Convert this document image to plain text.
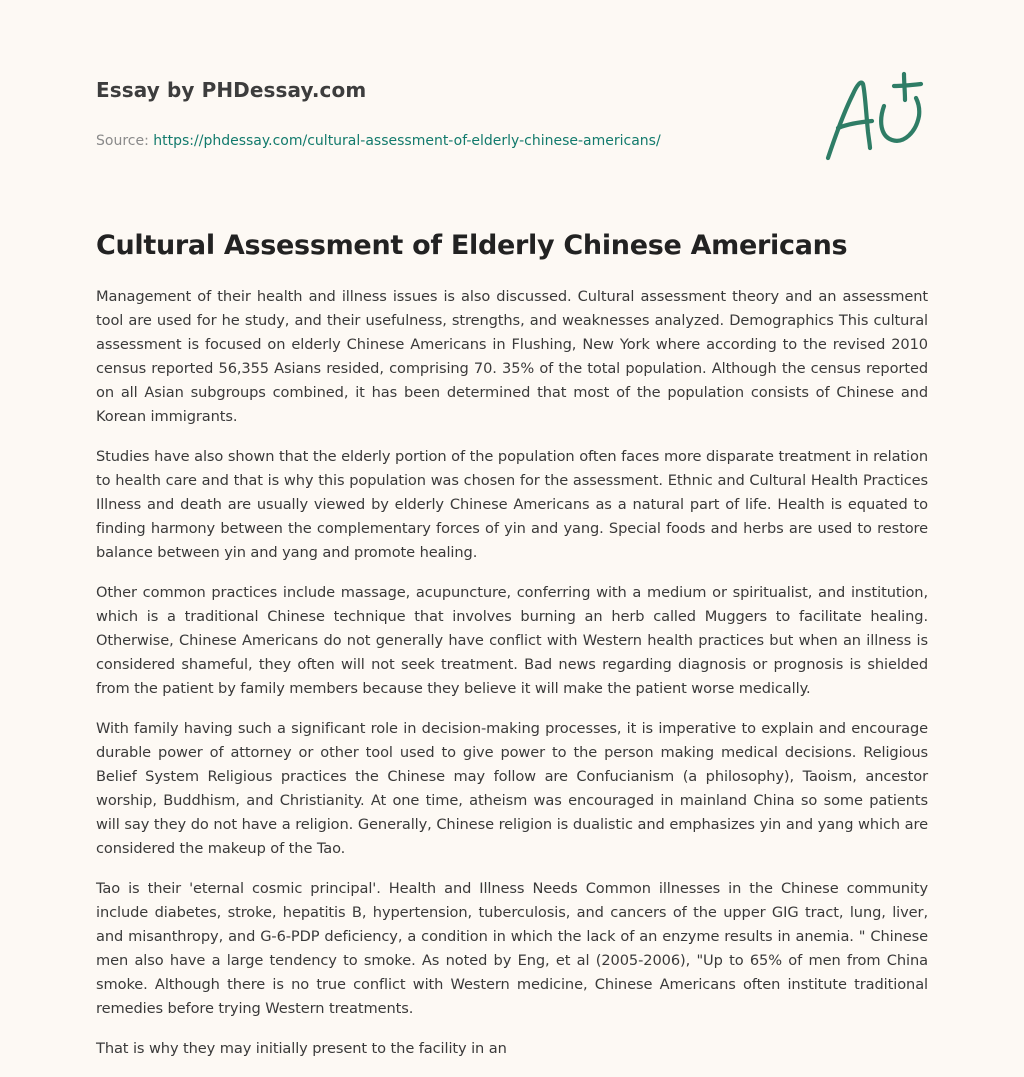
Essay by PHDessay.com
Source: https://phdessay.com/cultural-assessment-of-elderly-chinese-americans/
Cultural Assessment of Elderly Chinese Americans

Management of their health and illness issues is also discussed. Cultural assessment theory and an assessment tool are used for he study, and their usefulness, strengths, and weaknesses analyzed. Demographics This cultural assessment is focused on elderly Chinese Americans in Flushing, New York where according to the revised 2010 census reported 56,355 Asians resided, comprising 70. 35% of the total population. Although the census reported on all Asian subgroups combined, it has been determined that most of the population consists of Chinese and Korean immigrants.

Studies have also shown that the elderly portion of the population often faces more disparate treatment in relation to health care and that is why this population was chosen for the assessment. Ethnic and Cultural Health Practices Illness and death are usually viewed by elderly Chinese Americans as a natural part of life. Health is equated to finding harmony between the complementary forces of yin and yang. Special foods and herbs are used to restore balance between yin and yang and promote healing.

Other common practices include massage, acupuncture, conferring with a medium or spiritualist, and institution, which is a traditional Chinese technique that involves burning an herb called Muggers to facilitate healing. Otherwise, Chinese Americans do not generally have conflict with Western health practices but when an illness is considered shameful, they often will not seek treatment. Bad news regarding diagnosis or prognosis is shielded from the patient by family members because they believe it will make the patient worse medically.

With family having such a significant role in decision-making processes, it is imperative to explain and encourage durable power of attorney or other tool used to give power to the person making medical decisions. Religious Belief System Religious practices the Chinese may follow are Confucianism (a philosophy), Taoism, ancestor worship, Buddhism, and Christianity. At one time, atheism was encouraged in mainland China so some patients will say they do not have a religion. Generally, Chinese religion is dualistic and emphasizes yin and yang which are considered the makeup of the Tao.

Tao is their 'eternal cosmic principal'. Health and Illness Needs Common illnesses in the Chinese community include diabetes, stroke, hepatitis B, hypertension, tuberculosis, and cancers of the upper GIG tract, lung, liver, and misanthropy, and G-6-PDP deficiency, a condition in which the lack of an enzyme results in anemia. " Chinese men also have a large tendency to smoke. As noted by Eng, et al (2005-2006), "Up to 65% of men from China smoke. Although there is no true conflict with Western medicine, Chinese Americans often institute traditional remedies before trying Western treatments.

That is why they may initially present to the facility in an
